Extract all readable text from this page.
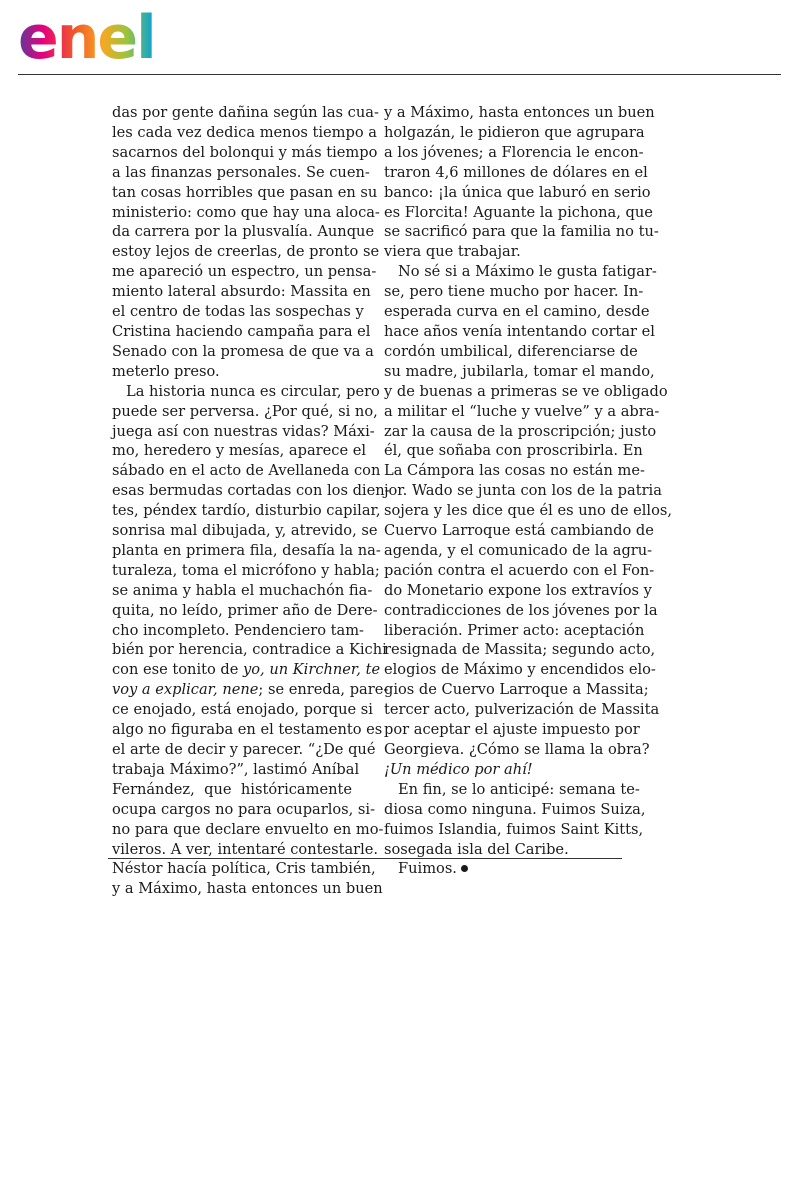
enel
das por gente dañina según las cua-
les cada vez dedica menos tiempo a
sacarnos del bolonqui y más tiempo
a las finanzas personales. Se cuen-
tan cosas horribles que pasan en su
ministerio: como que hay una aloca-
da carrera por la plusvalía. Aunque
estoy lejos de creerlas, de pronto se
me apareció un espectro, un pensa-
miento lateral absurdo: Massita en
el centro de todas las sospechas y
Cristina haciendo campaña para el
Senado con la promesa de que va a
meterlo preso.
La historia nunca es circular, pero
puede ser perversa. ¿Por qué, si no,
juega así con nuestras vidas? Máxi-
mo, heredero y mesías, aparece el
sábado en el acto de Avellaneda con
esas bermudas cortadas con los dien-
tes, péndex tardío, disturbio capilar,
sonrisa mal dibujada, y, atrevido, se
planta en primera fila, desafía la na-
turaleza, toma el micrófono y habla;
se anima y habla el muchachón fia-
quita, no leído, primer año de Dere-
cho incompleto. Pendenciero tam-
bién por herencia, contradice a Kichi
con ese tonito de yo, un Kirchner, te
voy a explicar, nene; se enreda, pare-
ce enojado, está enojado, porque si
algo no figuraba en el testamento es
el arte de decir y parecer. “¿De qué
trabaja Máximo?”, lastimó Aníbal
Fernández, que históricamente
ocupa cargos no para ocuparlos, si-
no para que declare envuelto en mo-
vileros. A ver, intentaré contestarle.
Néstor hacía política, Cris también,
y a Máximo, hasta entonces un buen
y a Máximo, hasta entonces un buen
holgazán, le pidieron que agrupara
a los jóvenes; a Florencia le encon-
traron 4,6 millones de dólares en el
banco: ¡la única que laburó en serio
es Florcita! Aguante la pichona, que
se sacrificó para que la familia no tu-
viera que trabajar.
No sé si a Máximo le gusta fatigar-
se, pero tiene mucho por hacer. In-
esperada curva en el camino, desde
hace años venía intentando cortar el
cordón umbilical, diferenciarse de
su madre, jubilarla, tomar el mando,
y de buenas a primeras se ve obligado
a militar el “luche y vuelve” y a abra-
zar la causa de la proscripción; justo
él, que soñaba con proscribirla. En
La Cámpora las cosas no están me-
jor. Wado se junta con los de la patria
sojera y les dice que él es uno de ellos,
Cuervo Larroque está cambiando de
agenda, y el comunicado de la agru-
pación contra el acuerdo con el Fon-
do Monetario expone los extravíos y
contradicciones de los jóvenes por la
liberación. Primer acto: aceptación
resignada de Massita; segundo acto,
elogios de Máximo y encendidos elo-
gios de Cuervo Larroque a Massita;
tercer acto, pulverización de Massita
por aceptar el ajuste impuesto por
Georgieva. ¿Cómo se llama la obra?
¡Un médico por ahí!
En fin, se lo anticipé: semana te-
diosa como ninguna. Fuimos Suiza,
fuimos Islandia, fuimos Saint Kitts,
sosegada isla del Caribe.
Fuimos.
